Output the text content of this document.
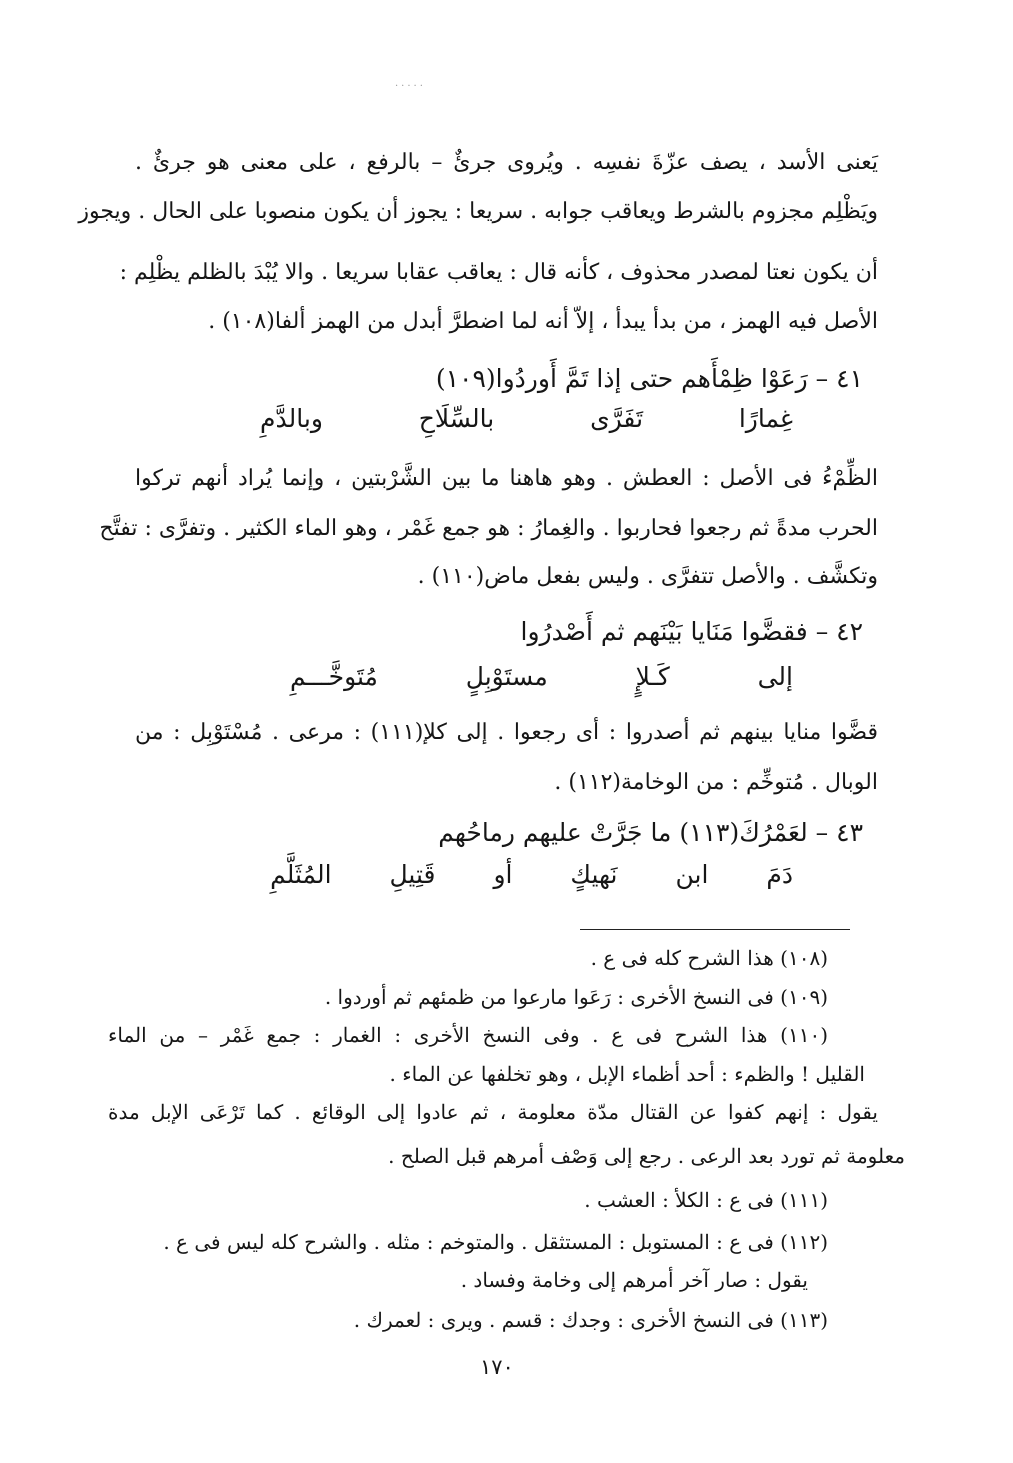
.....
يَعنى الأسد ، يصف عزّةَ نفسِه . ويُروى جرئٌ – بالرفع ، على معنى هو جرئٌ .
ويَظْلِم مجزوم بالشرط ويعاقب جوابه . سريعا : يجوز أن يكون منصوبا على الحال . ويجوز
أن يكون نعتا لمصدر محذوف ، كأنه قال : يعاقب عقابا سريعا . والا يُبْدَ بالظلم يظْلِم :
الأصل فيه الهمز ، من بدأ يبدأ ، إلاّ أنه لما اضطرَّ أبدل من الهمز ألفا(١٠٨) .
٤١ – رَعَوْا ظِمْأَهم حتى إذا تَمَّ أَوردُوا(١٠٩)
غِمارًا
تَفَرَّى
بالسِّلَاحِ
وبالدَّمِ
الظِّمْءُ فى الأصل : العطش . وهو هاهنا ما بين الشَّرْبتين ، وإنما يُراد أنهم تركوا
الحرب مدةً ثم رجعوا فحاربوا . والغِمارُ : هو جمع غَمْر ، وهو الماء الكثير . وتفرَّى : تفتَّح
وتكشَّف . والأصل تتفرَّى . وليس بفعل ماض(١١٠) .
٤٢ – فقضَّوا مَنَايا بَيْنَهم ثم أَصْدرُوا
إلى
كَـلإٍ
مستَوْبِلٍ
مُتَوخَّـــمِ
قضَّوا منايا بينهم ثم أصدروا : أى رجعوا . إلى كلإ(١١١) : مرعى . مُسْتَوْبِل : من
الوبال . مُتوخِّم : من الوخامة(١١٢) .
٤٣ – لعَمْرُكَ(١١٣) ما جَرَّتْ عليهم رماحُهم
دَمَ
ابن
نَهيكٍ
أو
قَتِيلِ
المُثَلَّمِ
(١٠٨) هذا الشرح كله فى ع .
(١٠٩) فى النسخ الأخرى : رَعَوا مارعوا من ظمئهم ثم أوردوا .
(١١٠) هذا الشرح فى ع . وفى النسخ الأخرى : الغمار : جمع غَمْر – من الماء
القليل ! والظمء : أحد أظماء الإبل ، وهو تخلفها عن الماء .
يقول : إنهم كفوا عن القتال مدّة معلومة ، ثم عادوا إلى الوقائع . كما تَرْعَى الإبل مدة
معلومة ثم تورد بعد الرعى . رجع إلى وَصْف أمرهم قبل الصلح .
(١١١) فى ع : الكلأ : العشب .
(١١٢) فى ع : المستوبل : المستثقل . والمتوخم : مثله . والشرح كله ليس فى ع .
يقول : صار آخر أمرهم إلى وخامة وفساد .
(١١٣) فى النسخ الأخرى : وجدك : قسم . ويرى : لعمرك .
١٧٠
